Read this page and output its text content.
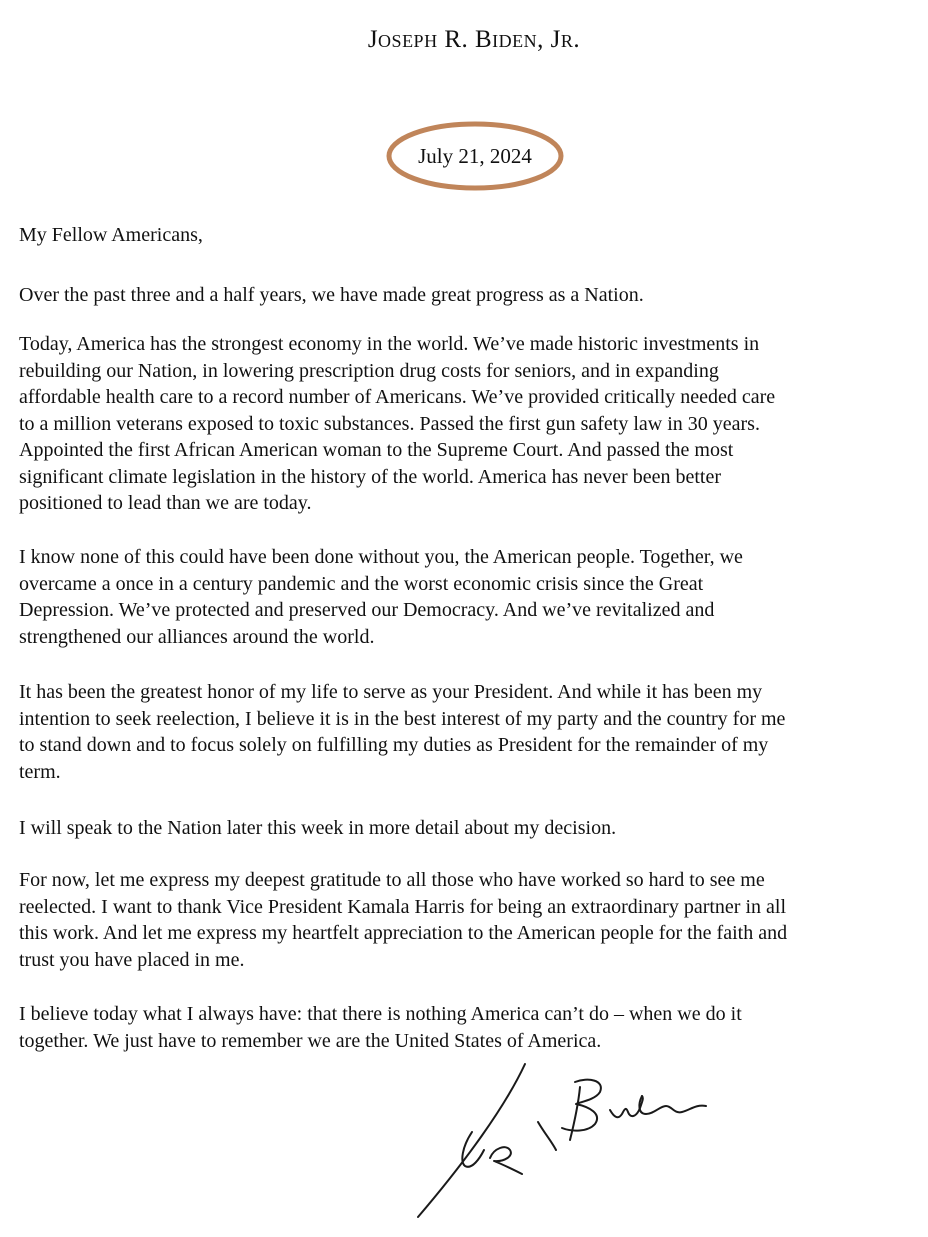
Joseph R. Biden, Jr.
July 21, 2024
My Fellow Americans,
Over the past three and a half years, we have made great progress as a Nation.
Today, America has the strongest economy in the world. We’ve made historic investments in
rebuilding our Nation, in lowering prescription drug costs for seniors, and in expanding
affordable health care to a record number of Americans. We’ve provided critically needed care
to a million veterans exposed to toxic substances. Passed the first gun safety law in 30 years.
Appointed the first African American woman to the Supreme Court. And passed the most
significant climate legislation in the history of the world. America has never been better
positioned to lead than we are today.
I know none of this could have been done without you, the American people. Together, we
overcame a once in a century pandemic and the worst economic crisis since the Great
Depression. We’ve protected and preserved our Democracy. And we’ve revitalized and
strengthened our alliances around the world.
It has been the greatest honor of my life to serve as your President. And while it has been my
intention to seek reelection, I believe it is in the best interest of my party and the country for me
to stand down and to focus solely on fulfilling my duties as President for the remainder of my
term.
I will speak to the Nation later this week in more detail about my decision.
For now, let me express my deepest gratitude to all those who have worked so hard to see me
reelected. I want to thank Vice President Kamala Harris for being an extraordinary partner in all
this work. And let me express my heartfelt appreciation to the American people for the faith and
trust you have placed in me.
I believe today what I always have: that there is nothing America can’t do – when we do it
together. We just have to remember we are the United States of America.
